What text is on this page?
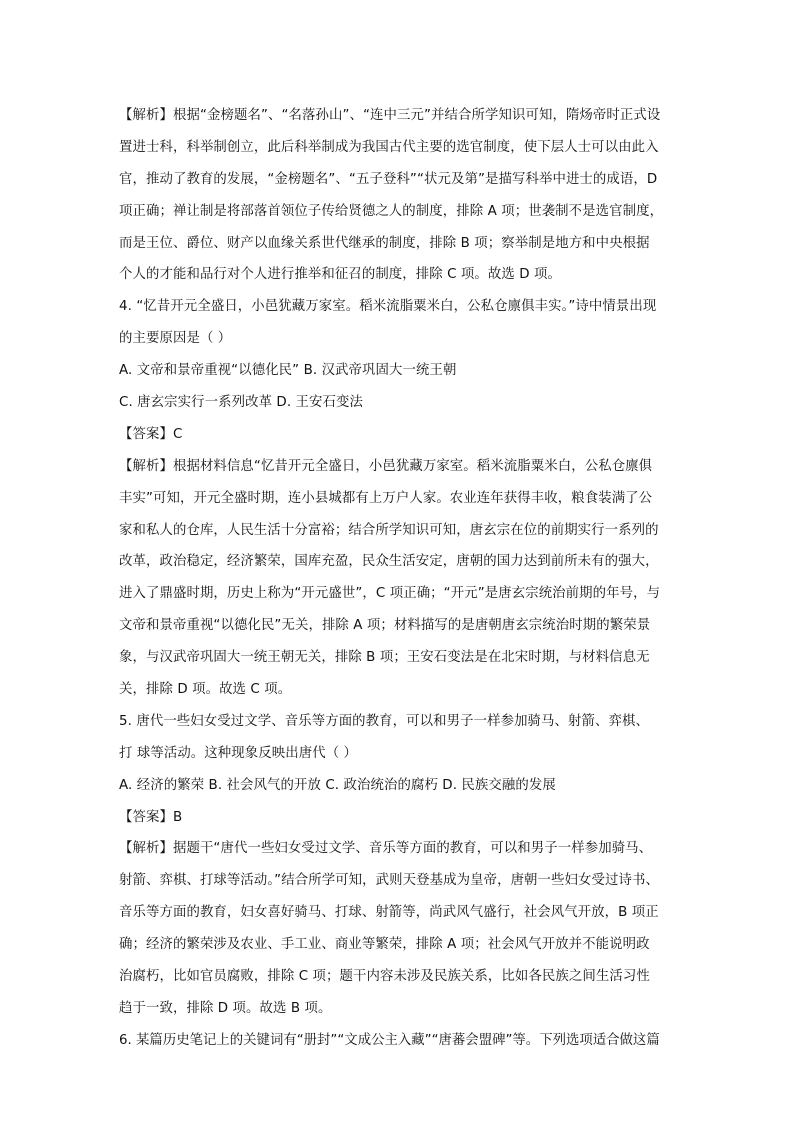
【解析】根据“金榜题名”、“名落孙山”、“连中三元”并结合所学知识可知，隋炀帝时正式设
置进士科，科举制创立，此后科举制成为我国古代主要的选官制度，使下层人士可以由此入
官，推动了教育的发展，“金榜题名”、“五子登科”“状元及第”是描写科举中进士的成语，D
项正确；禅让制是将部落首领位子传给贤德之人的制度，排除 A 项；世袭制不是选官制度，
而是王位、爵位、财产以血缘关系世代继承的制度，排除 B 项；察举制是地方和中央根据
个人的才能和品行对个人进行推举和征召的制度，排除 C 项。故选 D 项。
4. “忆昔开元全盛日，小邑犹藏万家室。稻米流脂粟米白，公私仓廪俱丰实。”诗中情景出现
的主要原因是（ ）
A. 文帝和景帝重视“以德化民” B. 汉武帝巩固大一统王朝
C. 唐玄宗实行一系列改革 D. 王安石变法
【答案】C
【解析】根据材料信息“忆昔开元全盛日，小邑犹藏万家室。稻米流脂粟米白，公私仓廪俱
丰实”可知，开元全盛时期，连小县城都有上万户人家。农业连年获得丰收，粮食装满了公
家和私人的仓库，人民生活十分富裕；结合所学知识可知，唐玄宗在位的前期实行一系列的
改革，政治稳定，经济繁荣，国库充盈，民众生活安定，唐朝的国力达到前所未有的强大，
进入了鼎盛时期，历史上称为“开元盛世”，C 项正确；“开元”是唐玄宗统治前期的年号，与
文帝和景帝重视“以德化民”无关，排除 A 项；材料描写的是唐朝唐玄宗统治时期的繁荣景
象，与汉武帝巩固大一统王朝无关，排除 B 项；王安石变法是在北宋时期，与材料信息无
关，排除 D 项。故选 C 项。
5. 唐代一些妇女受过文学、音乐等方面的教育，可以和男子一样参加骑马、射箭、弈棋、
打 球等活动。这种现象反映出唐代（ ）
A. 经济的繁荣 B. 社会风气的开放 C. 政治统治的腐朽 D. 民族交融的发展
【答案】B
【解析】据题干“唐代一些妇女受过文学、音乐等方面的教育，可以和男子一样参加骑马、
射箭、弈棋、打球等活动。”结合所学可知，武则天登基成为皇帝，唐朝一些妇女受过诗书、
音乐等方面的教育，妇女喜好骑马、打球、射箭等，尚武风气盛行，社会风气开放，B 项正
确；经济的繁荣涉及农业、手工业、商业等繁荣，排除 A 项；社会风气开放并不能说明政
治腐朽，比如官员腐败，排除 C 项；题干内容未涉及民族关系，比如各民族之间生活习性
趋于一致，排除 D 项。故选 B 项。
6. 某篇历史笔记上的关键词有“册封”“文成公主入藏”“唐蕃会盟碑”等。下列选项适合做这篇
